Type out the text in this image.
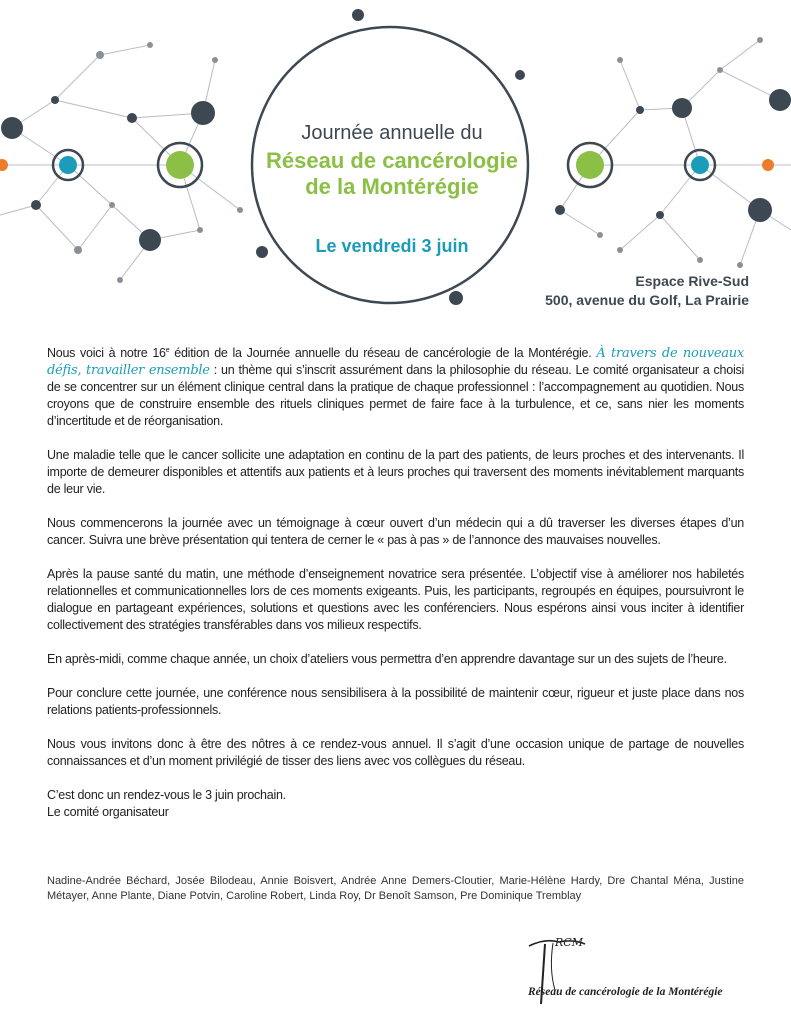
Journée annuelle du
Réseau de cancérologie
de la Montérégie
Le vendredi 3 juin
Espace Rive-Sud
500, avenue du Golf, La Prairie

Nous voici à notre 16e édition de la Journée annuelle du réseau de cancérologie de la Montérégie. À travers de nouveaux défis, travailler ensemble : un thème qui s’inscrit assurément dans la philosophie du réseau. Le comité organisateur a choisi de se concentrer sur un élément clinique central dans la pratique de chaque professionnel : l’accompagnement au quotidien. Nous croyons que de construire ensemble des rituels cliniques permet de faire face à la turbulence, et ce, sans nier les moments d’incertitude et de réorganisation.

Une maladie telle que le cancer sollicite une adaptation en continu de la part des patients, de leurs proches et des intervenants. Il importe de demeurer disponibles et attentifs aux patients et à leurs proches qui traversent des moments inévitablement marquants de leur vie.

Nous commencerons la journée avec un témoignage à cœur ouvert d’un médecin qui a dû traverser les diverses étapes d’un cancer. Suivra une brève présentation qui tentera de cerner le « pas à pas » de l’annonce des mauvaises nouvelles.

Après la pause santé du matin, une méthode d’enseignement novatrice sera présentée. L’objectif vise à améliorer nos habiletés relationnelles et communicationnelles lors de ces moments exigeants. Puis, les participants, regroupés en équipes, poursuivront le dialogue en partageant expériences, solutions et questions avec les conférenciers. Nous espérons ainsi vous inciter à identifier collectivement des stratégies transférables dans vos milieux respectifs.

En après-midi, comme chaque année, un choix d’ateliers vous permettra d’en apprendre davantage sur un des sujets de l’heure.

Pour conclure cette journée, une conférence nous sensibilisera à la possibilité de maintenir cœur, rigueur et juste place dans nos relations patients-professionnels.

Nous vous invitons donc à être des nôtres à ce rendez-vous annuel. Il s’agit d’une occasion unique de partage de nouvelles connaissances et d’un moment privilégié de tisser des liens avec vos collègues du réseau.

C’est donc un rendez-vous le 3 juin prochain.
Le comité organisateur

Nadine-Andrée Béchard, Josée Bilodeau, Annie Boisvert, Andrée Anne Demers-Cloutier, Marie-Hélène Hardy, Dre Chantal Ména, Justine Métayer, Anne Plante, Diane Potvin, Caroline Robert, Linda Roy, Dr Benoît Samson, Pre Dominique Tremblay
RCM
Réseau de cancérologie de la Montérégie
